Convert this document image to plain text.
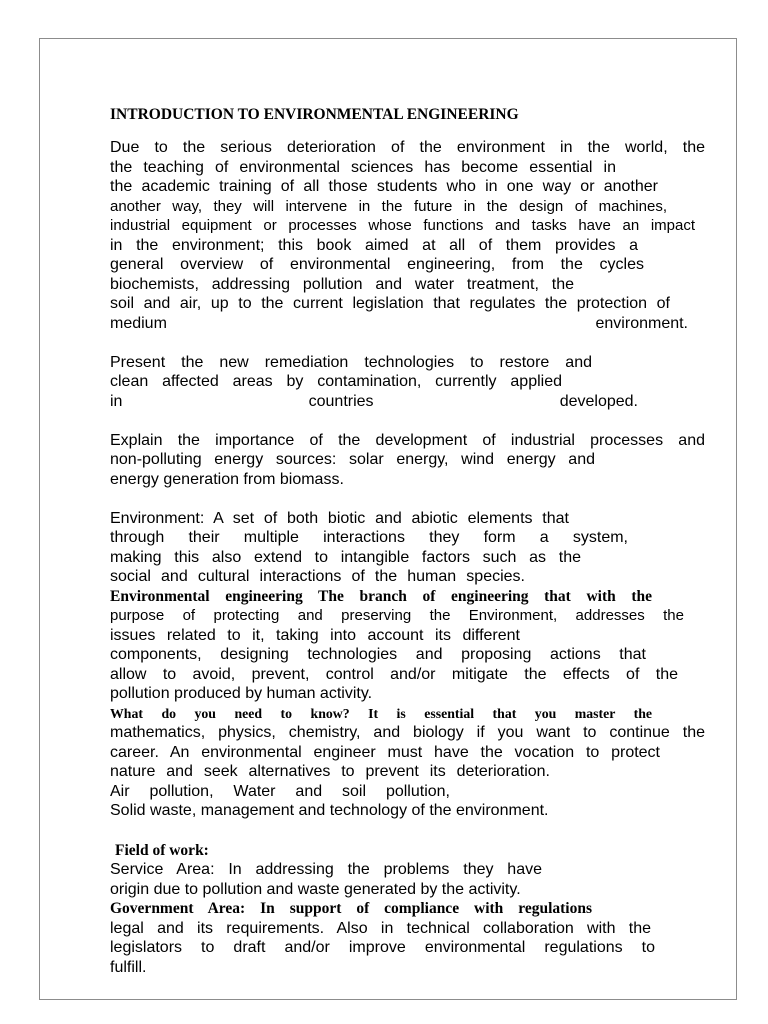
INTRODUCTION TO ENVIRONMENTAL ENGINEERING
Due to the serious deterioration of the environment in the world, the
the teaching of environmental sciences has become essential in
the academic training of all those students who in one way or another
another way, they will intervene in the future in the design of machines,
industrial equipment or processes whose functions and tasks have an impact
in the environment; this book aimed at all of them provides a
general overview of environmental engineering, from the cycles
biochemists, addressing pollution and water treatment, the
soil and air, up to the current legislation that regulates the protection of
medium environment.
Present the new remediation technologies to restore and
clean affected areas by contamination, currently applied
in countries developed.
Explain the importance of the development of industrial processes and
non-polluting energy sources: solar energy, wind energy and
energy generation from biomass.
Environment: A set of both biotic and abiotic elements that
through their multiple interactions they form a system,
making this also extend to intangible factors such as the
social and cultural interactions of the human species.
Environmental engineering The branch of engineering that with the
purpose of protecting and preserving the Environment, addresses the
issues related to it, taking into account its different
components, designing technologies and proposing actions that
allow to avoid, prevent, control and/or mitigate the effects of the
pollution produced by human activity.
What do you need to know? It is essential that you master the
mathematics, physics, chemistry, and biology if you want to continue the
career. An environmental engineer must have the vocation to protect
nature and seek alternatives to prevent its deterioration.
Air pollution, Water and soil pollution,
Solid waste, management and technology of the environment.
Field of work:
Service Area: In addressing the problems they have
origin due to pollution and waste generated by the activity.
Government Area: In support of compliance with regulations
legal and its requirements. Also in technical collaboration with the
legislators to draft and/or improve environmental regulations to
fulfill.
